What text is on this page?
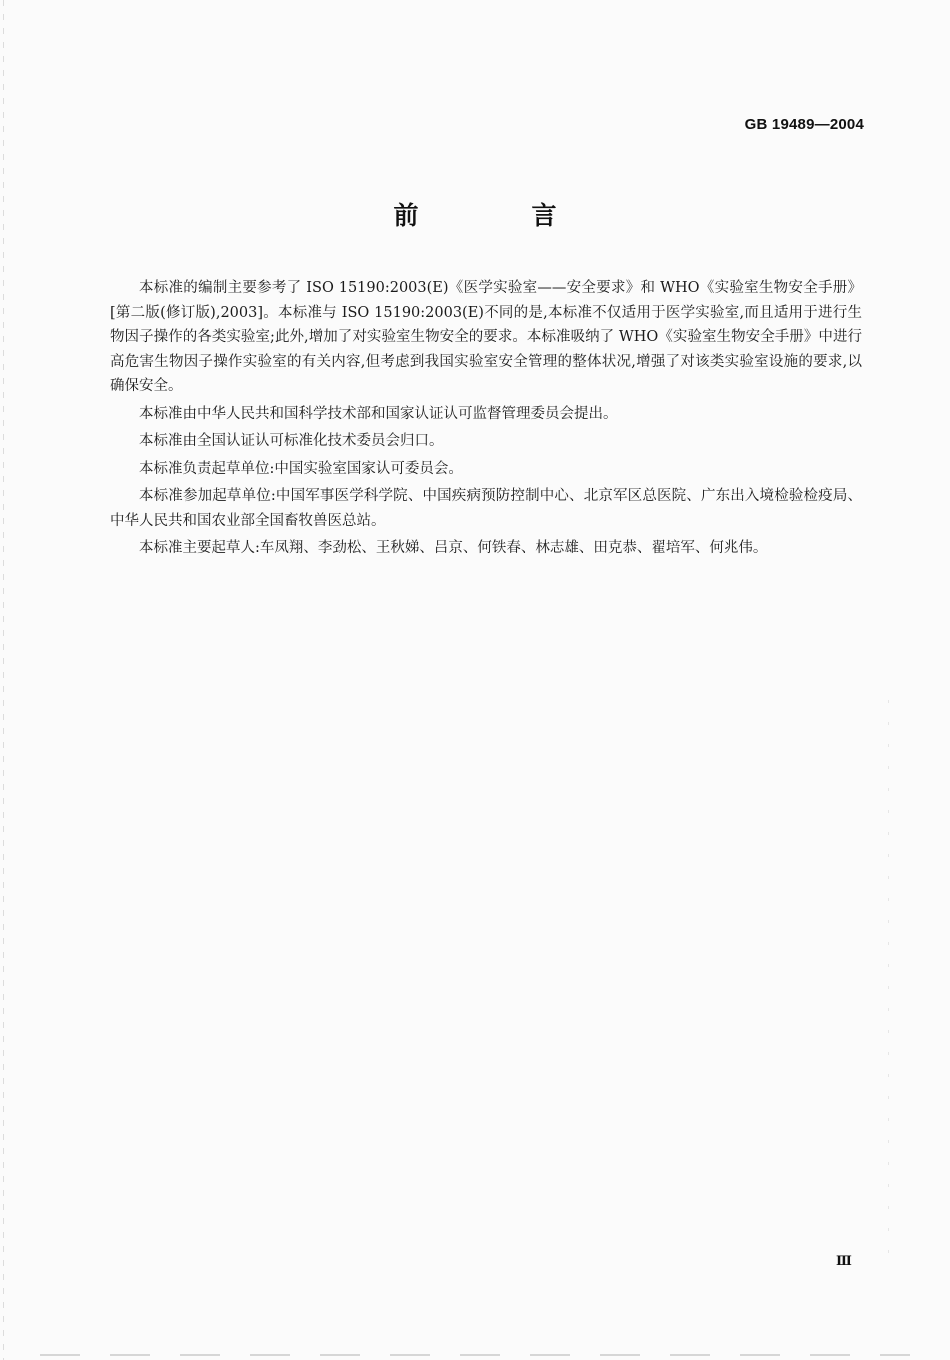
GB 19489—2004
前　言

本标准的编制主要参考了 ISO 15190:2003(E)《医学实验室——安全要求》和 WHO《实验室生物安全手册》[第二版(修订版),2003]。本标准与 ISO 15190:2003(E)不同的是,本标准不仅适用于医学实验室,而且适用于进行生物因子操作的各类实验室;此外,增加了对实验室生物安全的要求。本标准吸纳了 WHO《实验室生物安全手册》中进行高危害生物因子操作实验室的有关内容,但考虑到我国实验室安全管理的整体状况,增强了对该类实验室设施的要求,以确保安全。

本标准由中华人民共和国科学技术部和国家认证认可监督管理委员会提出。

本标准由全国认证认可标准化技术委员会归口。

本标准负责起草单位:中国实验室国家认可委员会。

本标准参加起草单位:中国军事医学科学院、中国疾病预防控制中心、北京军区总医院、广东出入境检验检疫局、中华人民共和国农业部全国畜牧兽医总站。

本标准主要起草人:车凤翔、李劲松、王秋娣、吕京、何铁春、林志雄、田克恭、翟培军、何兆伟。

Ⅲ
